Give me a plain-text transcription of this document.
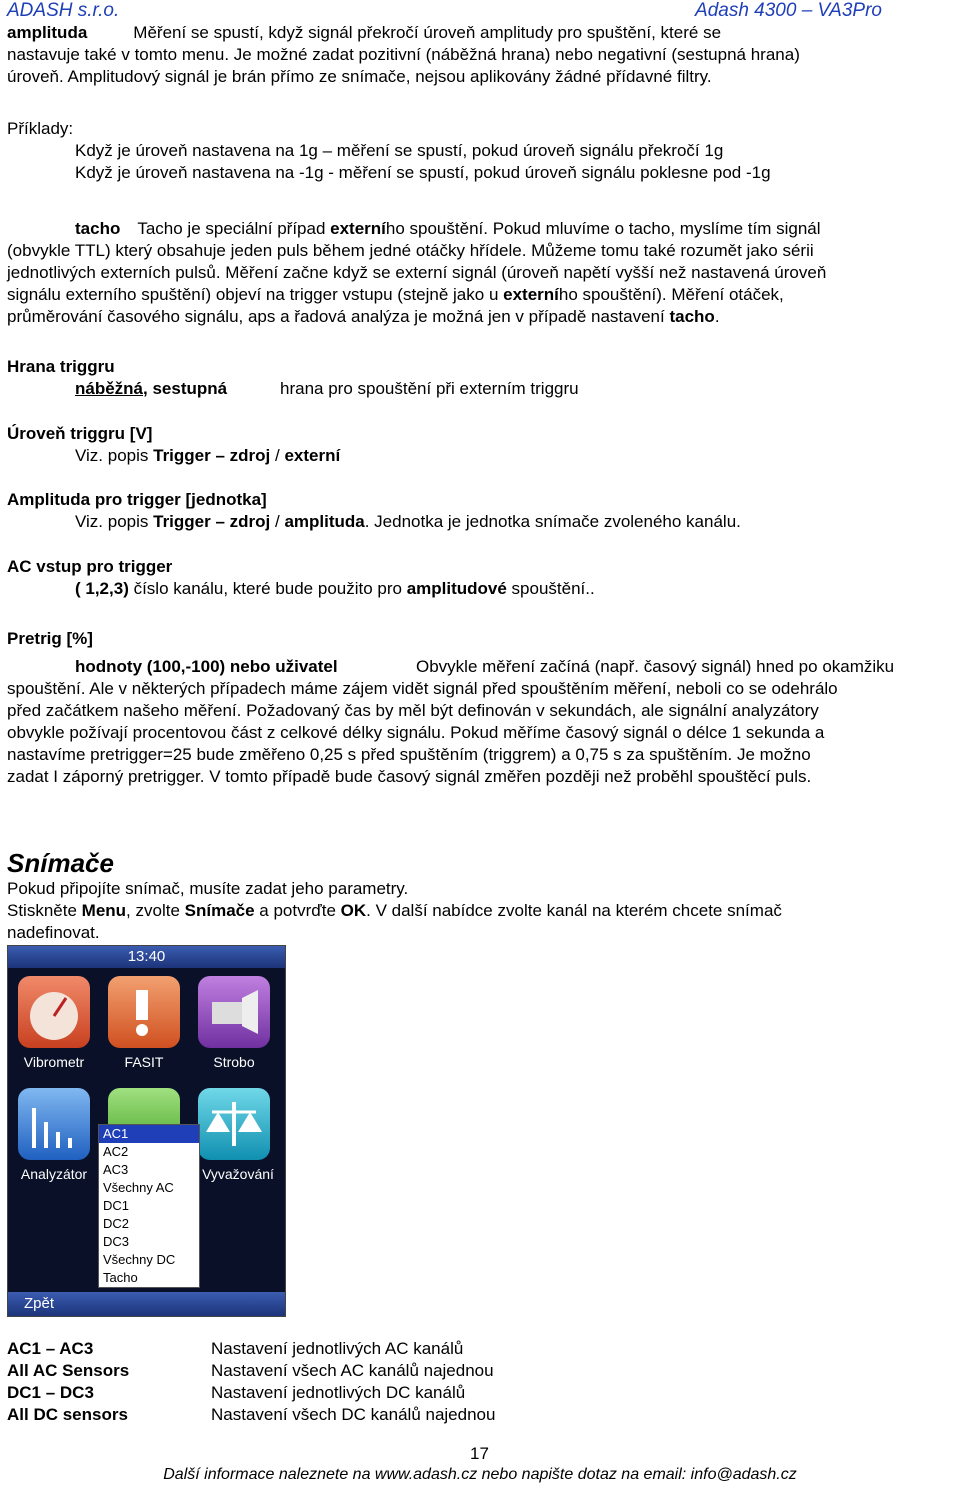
ADASH s.r.o.	Adash 4300 – VA3Pro
amplituda	Měření se spustí, když signál překročí úroveň amplitudy pro spuštění, které se
nastavuje také v tomto menu. Je možné zadat pozitivní (náběžná hrana) nebo negativní (sestupná hrana)
úroveň. Amplitudový signál je brán přímo ze snímače, nejsou aplikovány žádné přídavné filtry.
Příklady:
Když je úroveň nastavena na 1g – měření se spustí, pokud úroveň signálu překročí 1g
Když je úroveň nastavena na -1g - měření se spustí, pokud úroveň signálu poklesne pod -1g
tacho Tacho je speciální případ externího spouštění. Pokud mluvíme o tacho, myslíme tím signál
(obvykle TTL) který obsahuje jeden puls během jedné otáčky hřídele. Můžeme tomu také rozumět jako sérii
jednotlivých externích pulsů. Měření začne když se externí signál (úroveň napětí vyšší než nastavená úroveň
signálu externího spuštění) objeví na trigger vstupu (stejně jako u externího spouštění). Měření otáček,
průměrování časového signálu, aps a řadová analýza je možná jen v případě nastavení tacho.
Hrana triggru
náběžná, sestupná	hrana pro spouštění při externím triggru
Úroveň triggru [V]
Viz. popis Trigger – zdroj / externí
Amplituda pro trigger [jednotka]
Viz. popis Trigger – zdroj / amplituda. Jednotka je jednotka snímače zvoleného kanálu.
AC vstup pro trigger
( 1,2,3) číslo kanálu, které bude použito pro amplitudové spouštění..
Pretrig [%]
hodnoty (100,-100) nebo uživatel	Obvykle měření začíná (např. časový signál) hned po okamžiku
spouštění. Ale v některých případech máme zájem vidět signál před spouštěním měření, neboli co se odehrálo
před začátkem našeho měření. Požadovaný čas by měl být definován v sekundách, ale signální analyzátory
obvykle požívají procentovou část z celkové délky signálu. Pokud měříme časový signál o délce 1 sekunda a
nastavíme pretrigger=25 bude změřeno 0,25 s před spuštěním (triggrem) a 0,75 s za spuštěním. Je možno
zadat I záporný pretrigger. V tomto případě bude časový signál změřen později než proběhl spouštěcí puls.
Snímače
Pokud připojíte snímač, musíte zadat jeho parametry.
Stiskněte Menu, zvolte Snímače a potvrďte OK. V další nabídce zvolte kanál na kterém chcete snímač
nadefinovat.
13:40
Vibrometr	FASIT	Strobo
Analyzátor	Vyvažování
AC1
AC2
AC3
Všechny AC
DC1
DC2
DC3
Všechny DC
Tacho
Zpět
AC1 – AC3	Nastavení jednotlivých AC kanálů
All AC Sensors	Nastavení všech AC kanálů najednou
DC1 – DC3	Nastavení jednotlivých DC kanálů
All DC sensors	Nastavení všech DC kanálů najednou
17
Další informace naleznete na www.adash.cz nebo napište dotaz na email: info@adash.cz
